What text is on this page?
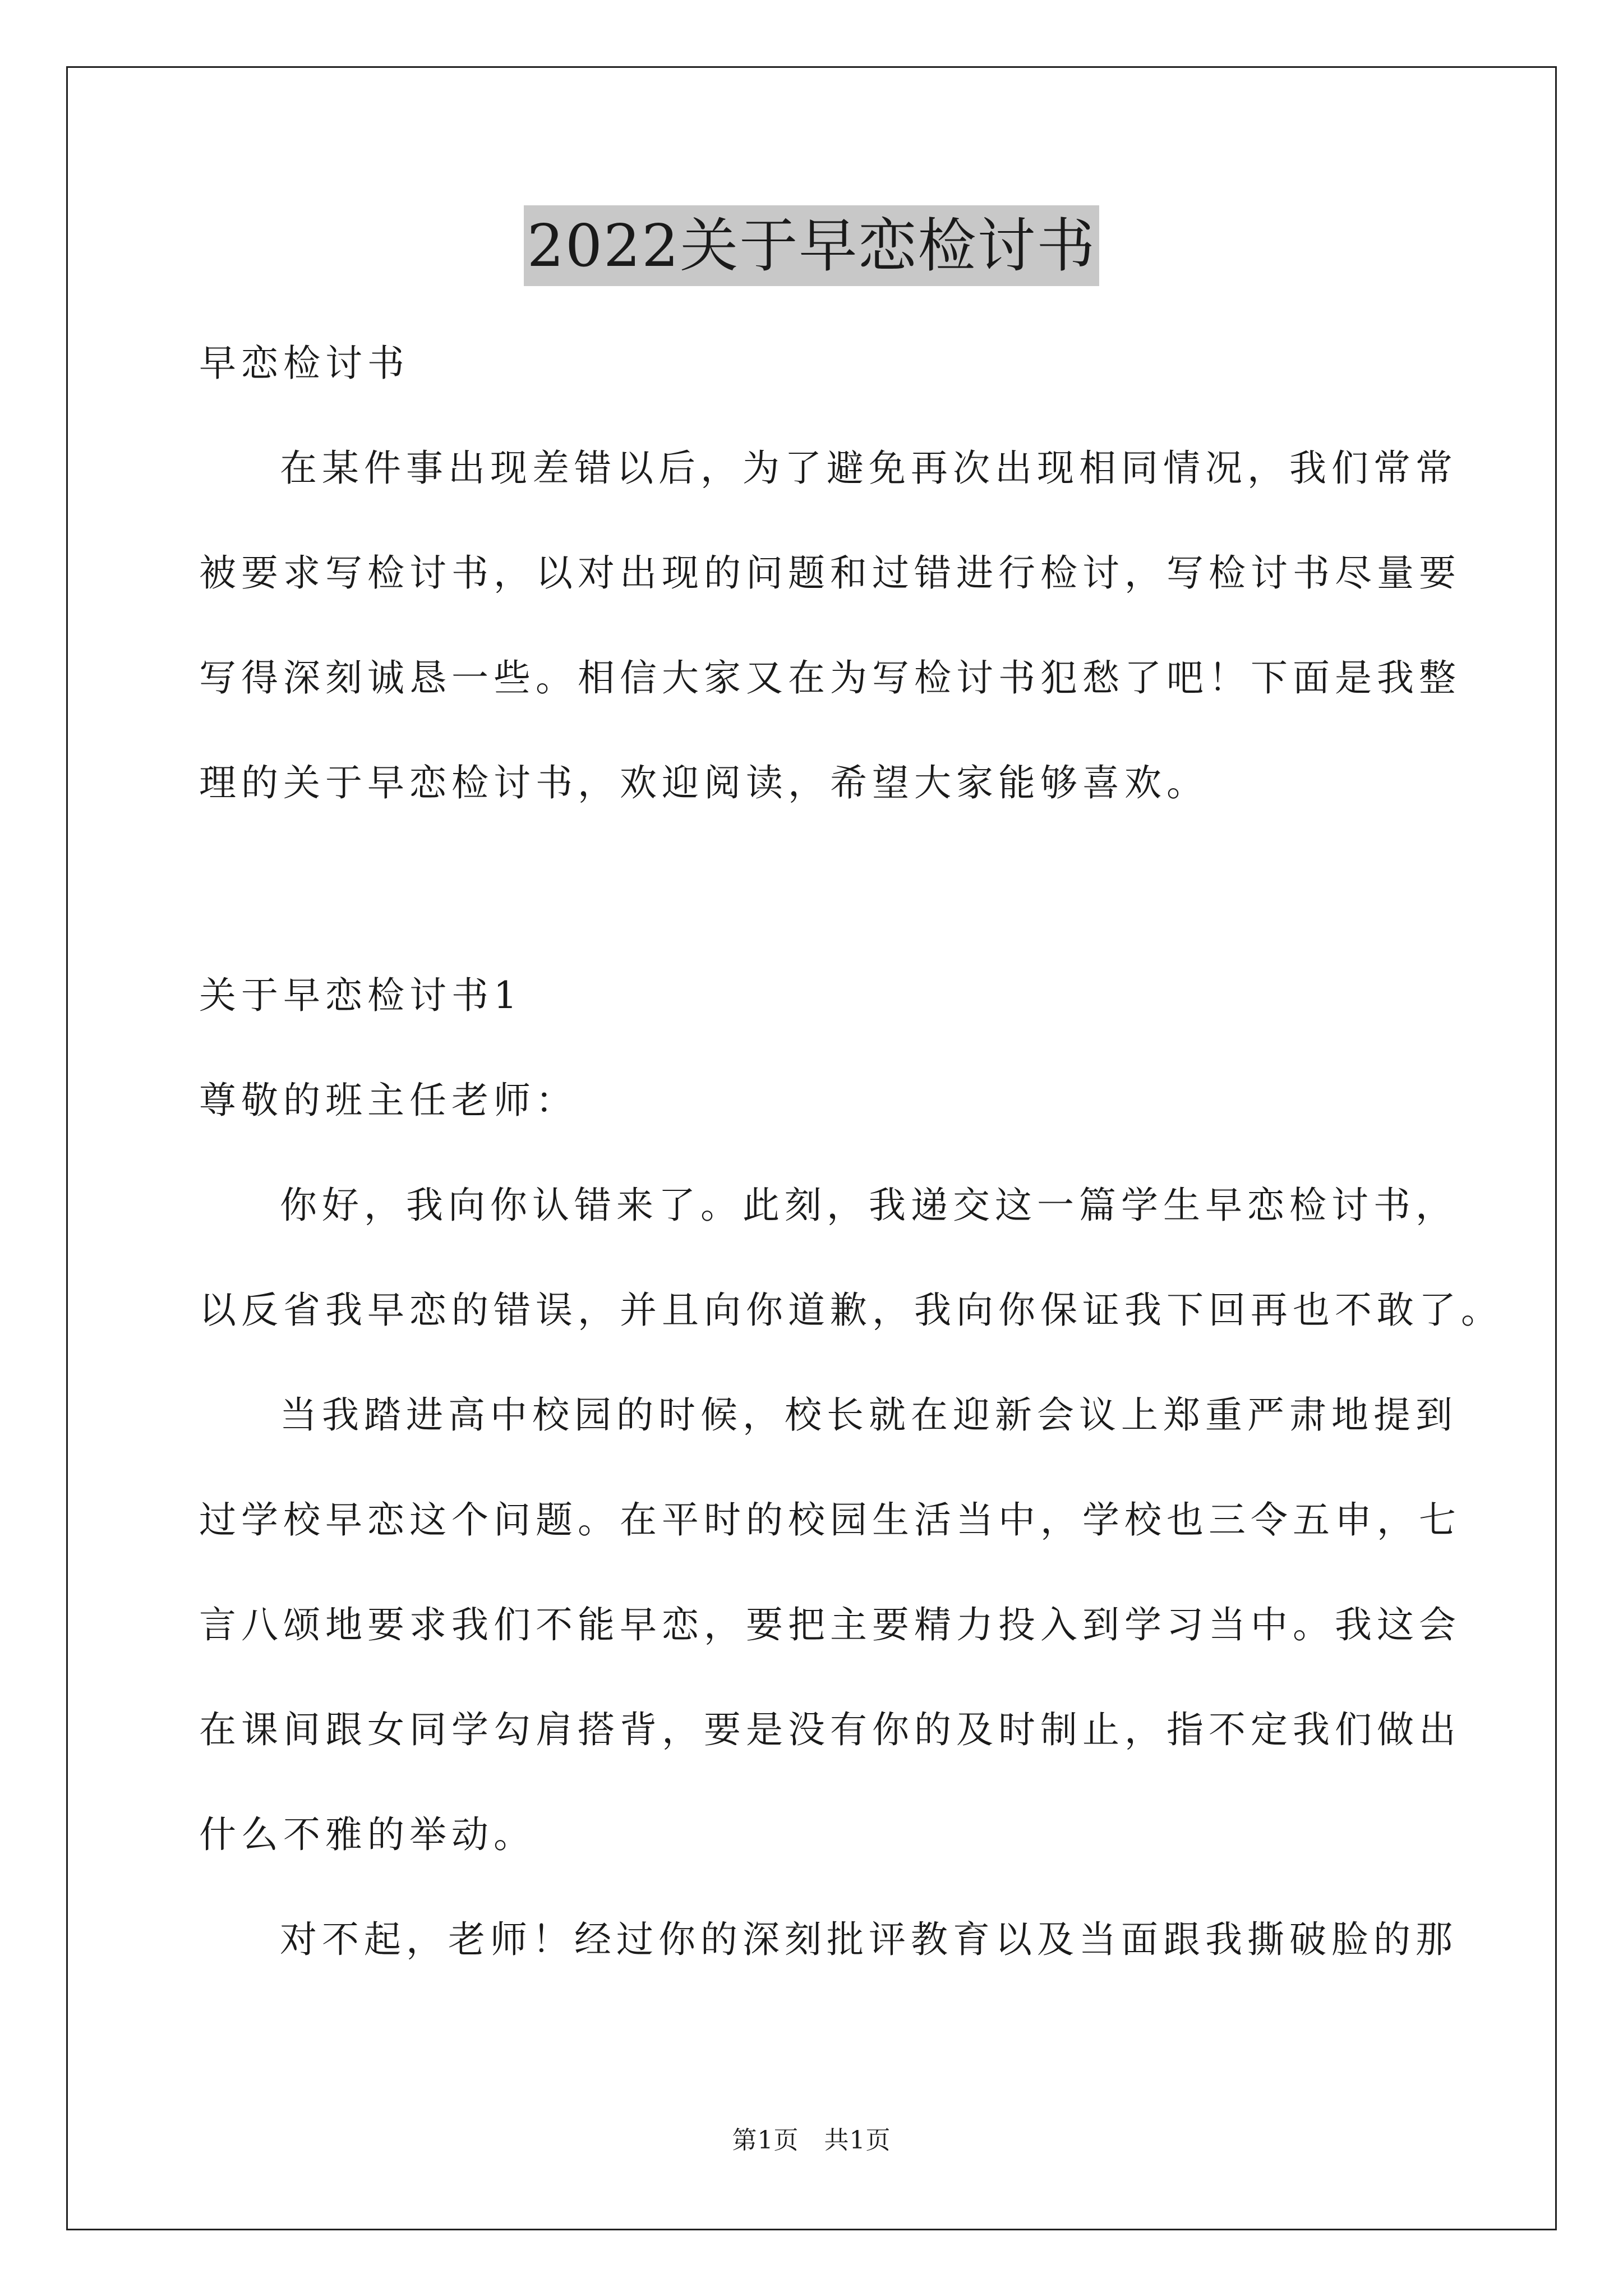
2022关于早恋检讨书

早恋检讨书

在某件事出现差错以后，为了避免再次出现相同情况，我们常常

被要求写检讨书，以对出现的问题和过错进行检讨，写检讨书尽量要

写得深刻诚恳一些。相信大家又在为写检讨书犯愁了吧！下面是我整

理的关于早恋检讨书，欢迎阅读，希望大家能够喜欢。

关于早恋检讨书1

尊敬的班主任老师：

你好，我向你认错来了。此刻，我递交这一篇学生早恋检讨书，

以反省我早恋的错误，并且向你道歉，我向你保证我下回再也不敢了。

当我踏进高中校园的时候，校长就在迎新会议上郑重严肃地提到

过学校早恋这个问题。在平时的校园生活当中，学校也三令五申，七

言八颂地要求我们不能早恋，要把主要精力投入到学习当中。我这会

在课间跟女同学勾肩搭背，要是没有你的及时制止，指不定我们做出

什么不雅的举动。

对不起，老师！经过你的深刻批评教育以及当面跟我撕破脸的那

第1页　共1页
